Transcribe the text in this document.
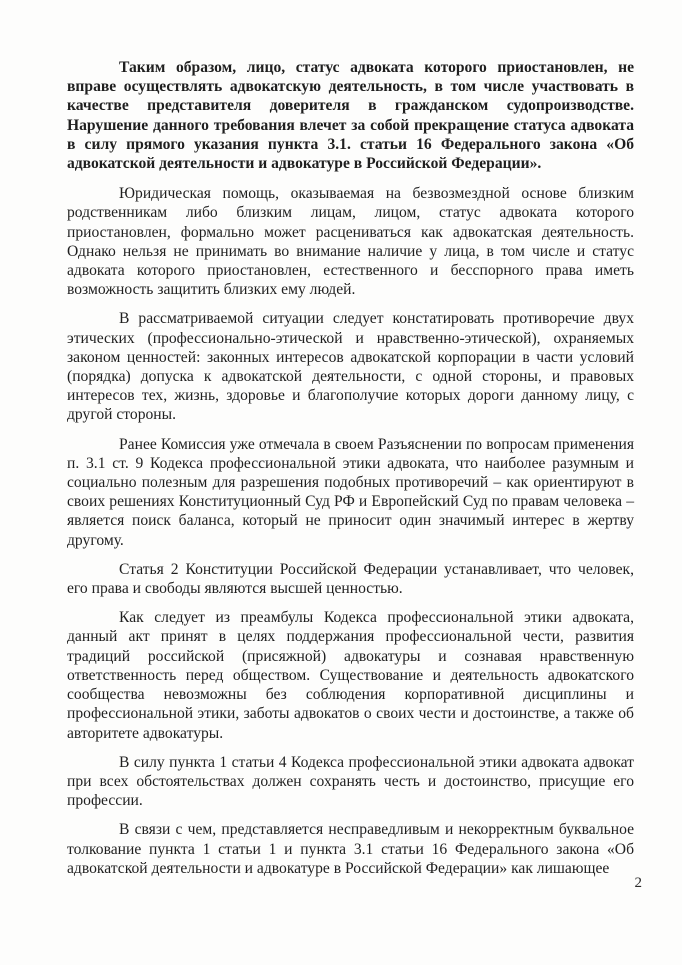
Таким образом, лицо, статус адвоката которого приостановлен, не вправе осуществлять адвокатскую деятельность, в том числе участвовать в качестве представителя доверителя в гражданском судопроизводстве. Нарушение данного требования влечет за собой прекращение статуса адвоката в силу прямого указания пункта 3.1. статьи 16 Федерального закона «Об адвокатской деятельности и адвокатуре в Российской Федерации».

Юридическая помощь, оказываемая на безвозмездной основе близким родственникам либо близким лицам, лицом, статус адвоката которого приостановлен, формально может расцениваться как адвокатская деятельность. Однако нельзя не принимать во внимание наличие у лица, в том числе и статус адвоката которого приостановлен, естественного и бесспорного права иметь возможность защитить близких ему людей.

В рассматриваемой ситуации следует констатировать противоречие двух этических (профессионально-этической и нравственно-этической), охраняемых законом ценностей: законных интересов адвокатской корпорации в части условий (порядка) допуска к адвокатской деятельности, с одной стороны, и правовых интересов тех, жизнь, здоровье и благополучие которых дороги данному лицу, с другой стороны.

Ранее Комиссия уже отмечала в своем Разъяснении по вопросам применения п. 3.1 ст. 9 Кодекса профессиональной этики адвоката, что наиболее разумным и социально полезным для разрешения подобных противоречий – как ориентируют в своих решениях Конституционный Суд РФ и Европейский Суд по правам человека – является поиск баланса, который не приносит один значимый интерес в жертву другому.

Статья 2 Конституции Российской Федерации устанавливает, что человек, его права и свободы являются высшей ценностью.

Как следует из преамбулы Кодекса профессиональной этики адвоката, данный акт принят в целях поддержания профессиональной чести, развития традиций российской (присяжной) адвокатуры и сознавая нравственную ответственность перед обществом. Существование и деятельность адвокатского сообщества невозможны без соблюдения корпоративной дисциплины и профессиональной этики, заботы адвокатов о своих чести и достоинстве, а также об авторитете адвокатуры.

В силу пункта 1 статьи 4 Кодекса профессиональной этики адвоката адвокат при всех обстоятельствах должен сохранять честь и достоинство, присущие его профессии.

В связи с чем, представляется несправедливым и некорректным буквальное толкование пункта 1 статьи 1 и пункта 3.1 статьи 16 Федерального закона «Об адвокатской деятельности и адвокатуре в Российской Федерации» как лишающее

2
